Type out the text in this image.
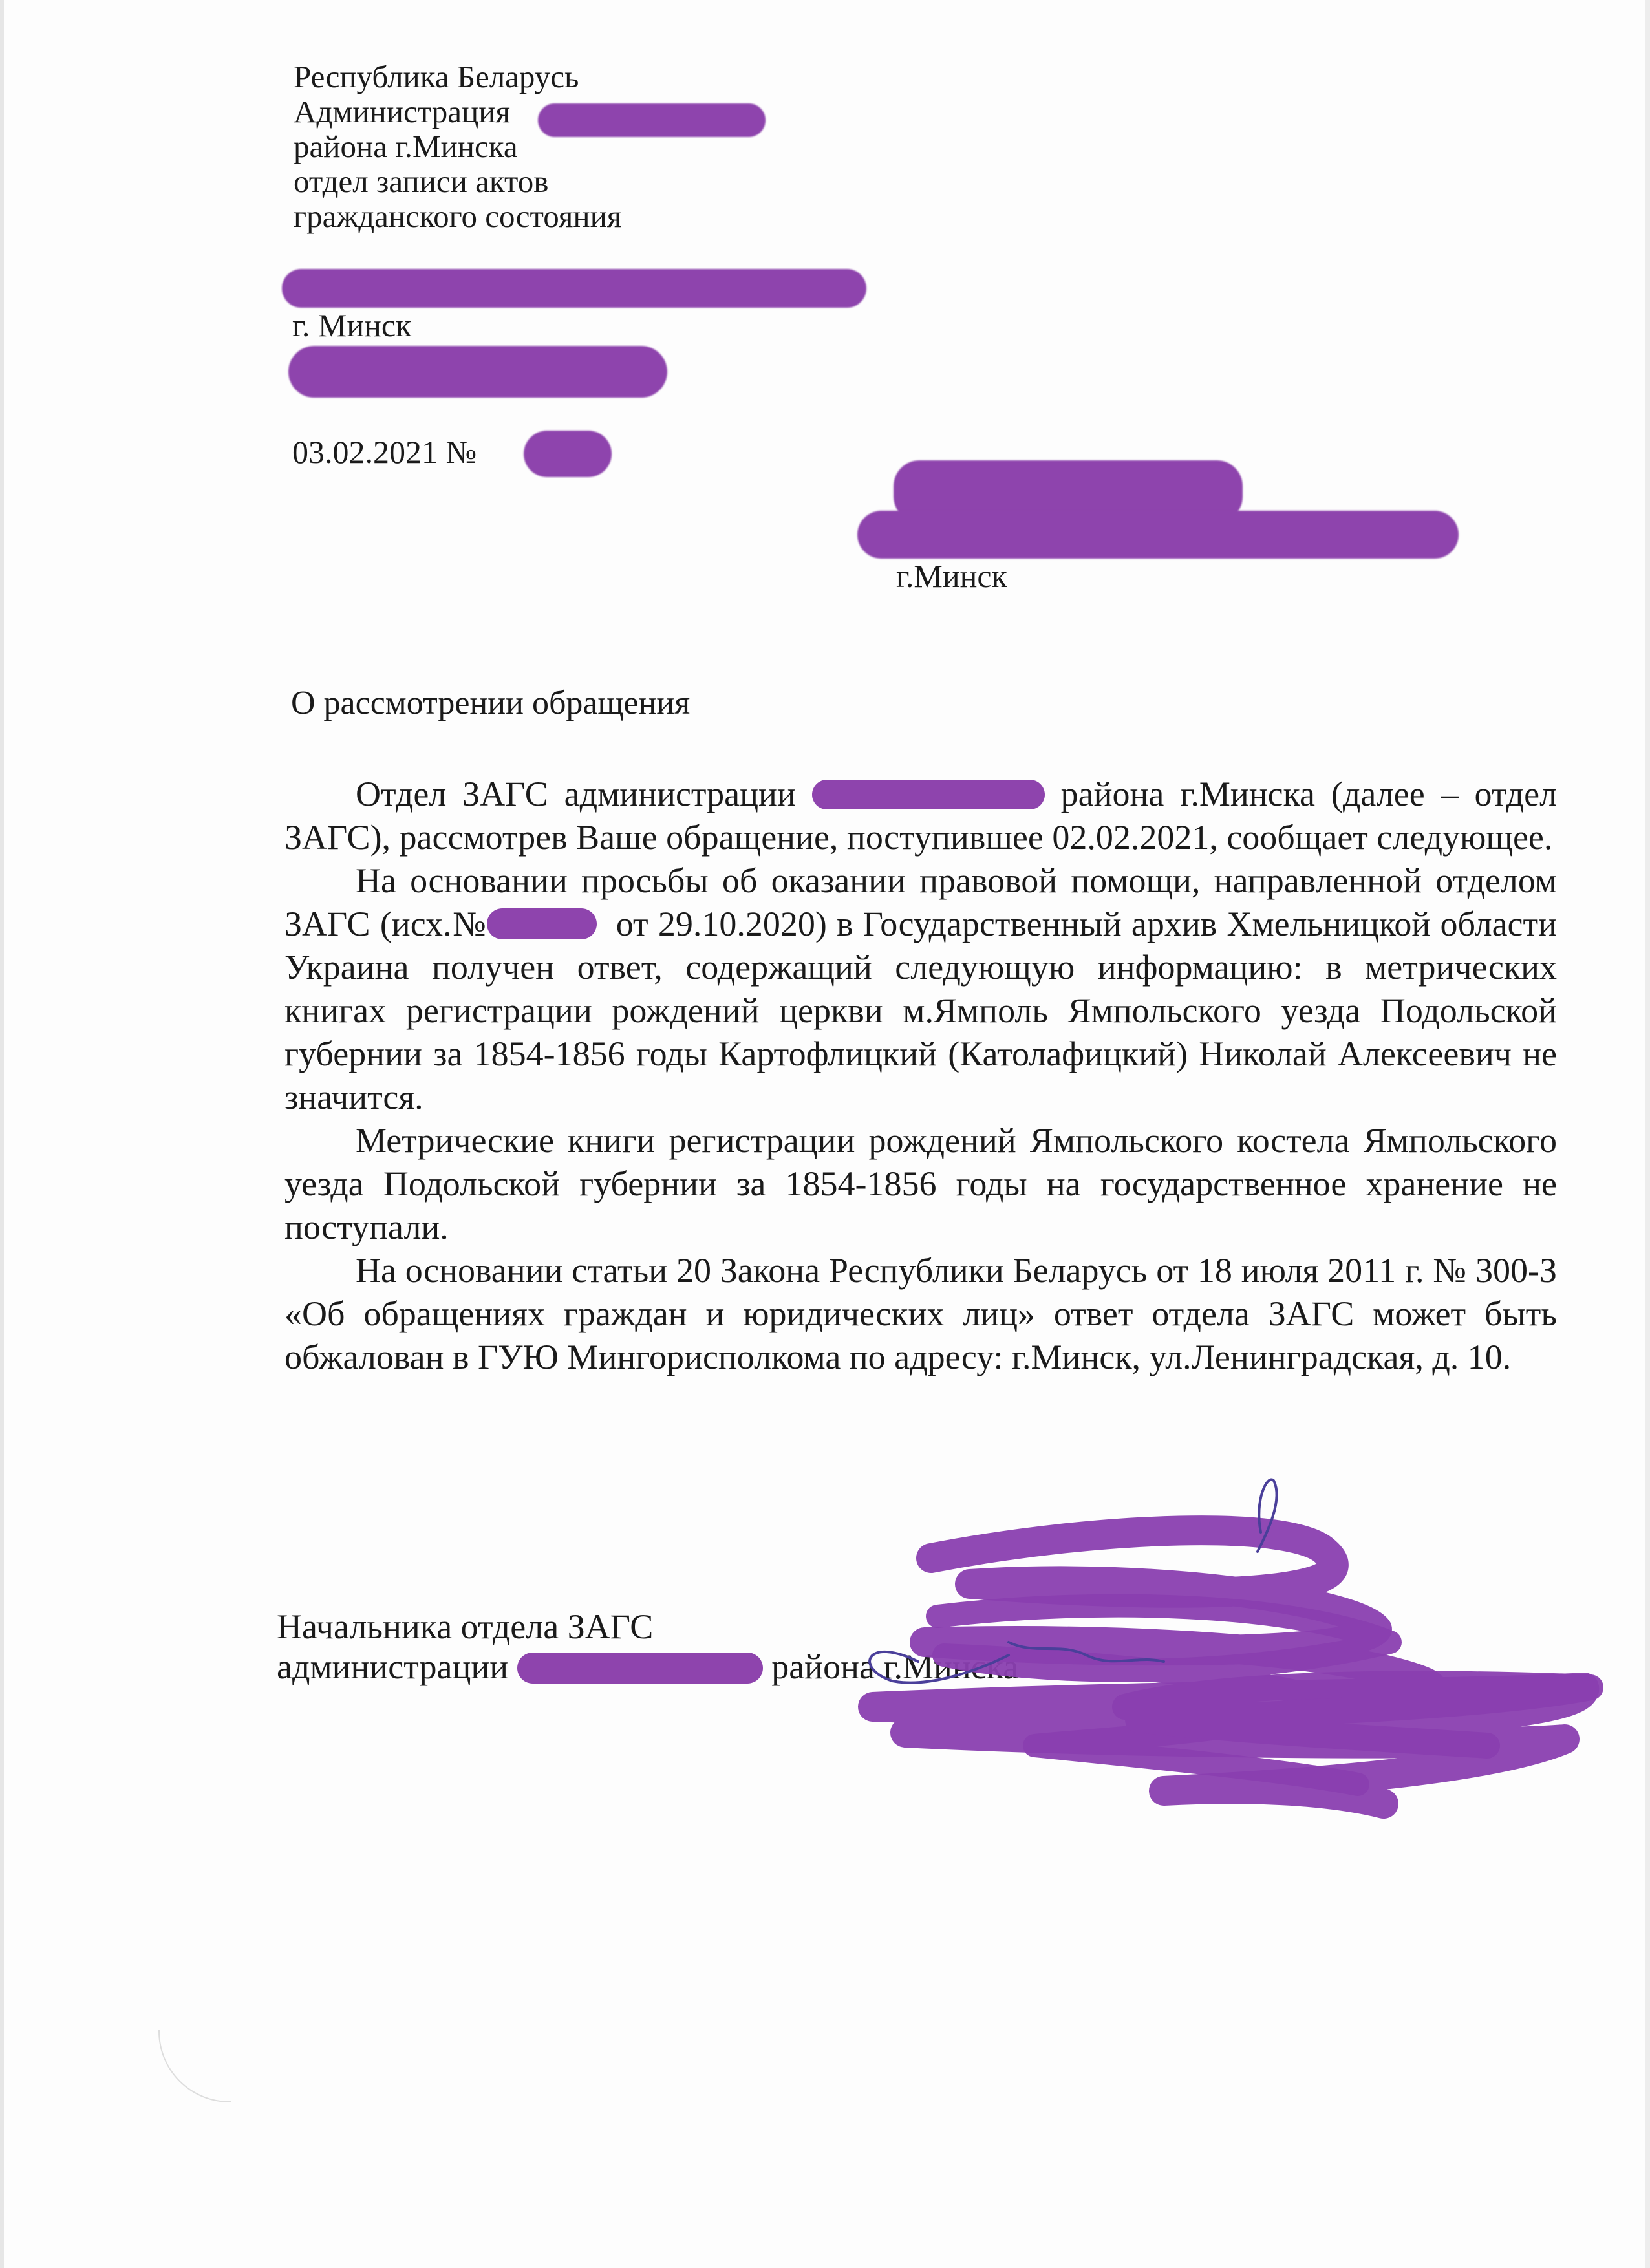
Республика Беларусь
Администрация
района г.Минска
отдел записи актов
гражданского состояния
г. Минск
03.02.2021 №
г.Минск
О рассмотрении обращения

Отдел ЗАГС администрации	района г.Минска (далее – отдел ЗАГС), рассмотрев Ваше обращение, поступившее 02.02.2021, сообщает следующее.

На основании просьбы об оказании правовой помощи, направленной отделом ЗАГС (исх.№	от 29.10.2020) в Государственный архив Хмельницкой области Украина получен ответ, содержащий следующую информацию: в метрических книгах регистрации рождений церкви м.Ямполь Ямпольского уезда Подольской губернии за 1854-1856 годы Картофлицкий (Католафицкий) Николай Алексеевич не значится.

Метрические книги регистрации рождений Ямпольского костела Ямпольского уезда Подольской губернии за 1854-1856 годы на государственное хранение не поступали.

На основании статьи 20 Закона Республики Беларусь от 18 июля 2011 г. № 300-З «Об обращениях граждан и юридических лиц» ответ отдела ЗАГС может быть обжалован в ГУЮ Мингорисполкома по адресу: г.Минск, ул.Ленинградская, д. 10.

Начальника отдела ЗАГС
администрации	района г.Минска
